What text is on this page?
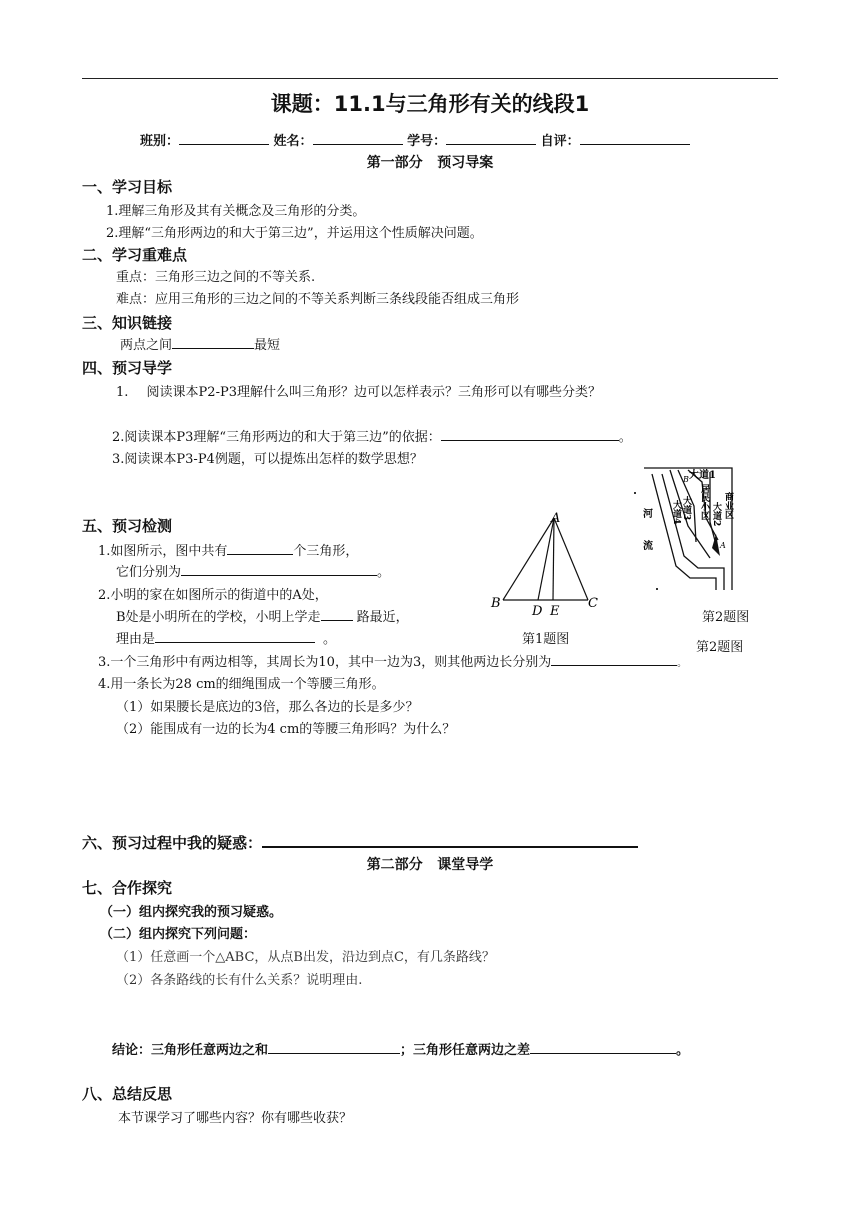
课题：11.1与三角形有关的线段1
班别：	姓名：	学号：	自评：
第一部分   预习导案
一、学习目标
1.理解三角形及其有关概念及三角形的分类。
2.理解“三角形两边的和大于第三边”，并运用这个性质解决问题。
二、学习重难点
重点：三角形三边之间的不等关系.
难点：应用三角形的三边之间的不等关系判断三条线段能否组成三角形
三、知识链接
两点之间	最短
四、预习导学
1. 阅读课本P2-P3理解什么叫三角形？边可以怎样表示？三角形可以有哪些分类？
2.阅读课本P3理解“三角形两边的和大于第三边”的依据：	。
3.阅读课本P3-P4例题，可以提炼出怎样的数学思想？
五、预习检测
1.如图所示，图中共有	个三角形，
它们分别为	。
2.小明的家在如图所示的街道中的A处，
B处是小明所在的学校，小明上学走	路最近，
理由是	。
3.一个三角形中有两边相等，其周长为10，其中一边为3，则其他两边长分别为	。
4.用一条长为28 cm的细绳围成一个等腰三角形。
（1）如果腰长是底边的3倍，那么各边的长是多少？
（2）能围成有一边的长为4 cm的等腰三角形吗？为什么？
A
B	C
D E
第1题图
大道1
B
大道3 居民小区 大道2 商业区
大道4
河流	A
第2题图
第2题图
六、预习过程中我的疑惑：
第二部分   课堂导学
七、合作探究
（一）组内探究我的预习疑惑。
（二）组内探究下列问题：
（1）任意画一个△ABC，从点B出发，沿边到点C，有几条路线？
（2）各条路线的长有什么关系？说明理由.
结论：三角形任意两边之和	；三角形任意两边之差	。
八、总结反思
本节课学习了哪些内容？你有哪些收获？
